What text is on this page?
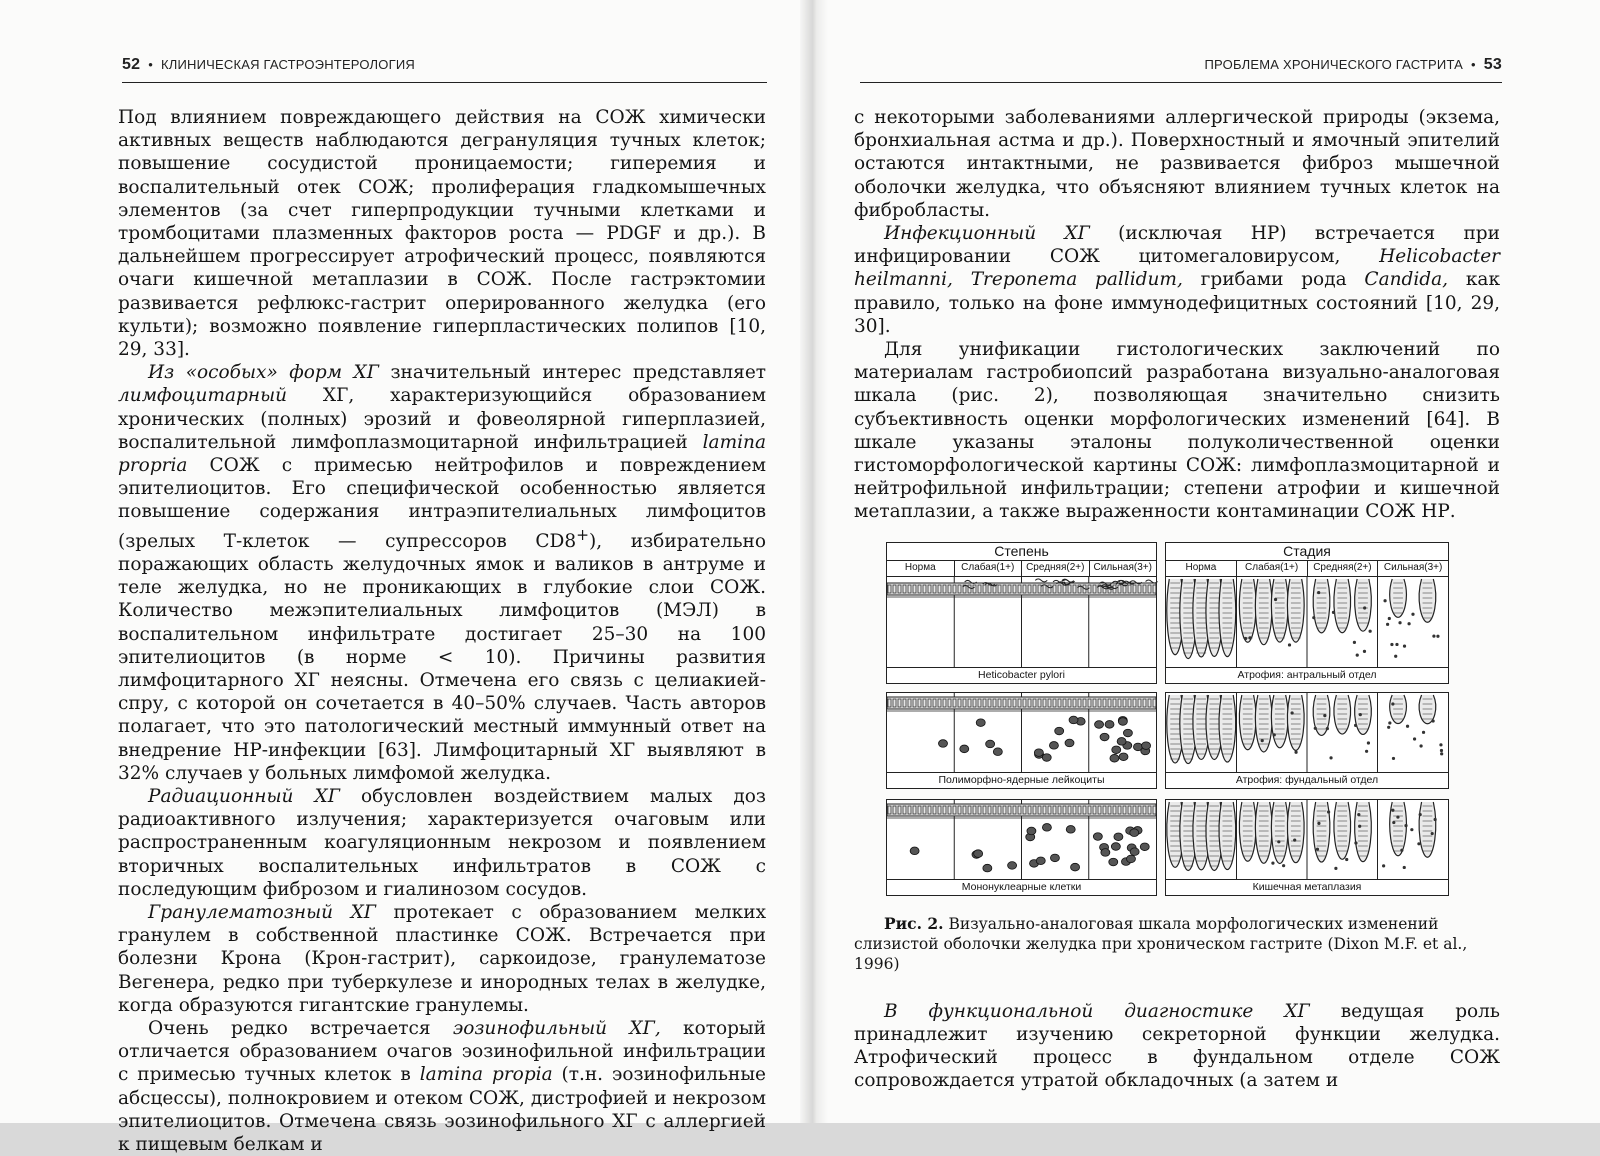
52 • КЛИНИЧЕСКАЯ ГАСТРОЭНТЕРОЛОГИЯ

Под влиянием повреждающего действия на СОЖ химически активных веществ наблюдаются дегрануляция тучных клеток; повышение сосудистой проницаемости; гиперемия и воспалительный отек СОЖ; пролиферация гладкомышечных элементов (за счет гиперпродукции тучными клетками и тромбоцитами плазменных факторов роста — PDGF и др.). В дальнейшем прогрессирует атрофический процесс, появляются очаги кишечной метаплазии в СОЖ. После гастрэктомии развивается рефлюкс-гастрит оперированного желудка (его культи); возможно появление гиперпластических полипов [10, 29, 33].

Из «особых» форм ХГ значительный интерес представляет лимфоцитарный ХГ, характеризующийся образованием хронических (полных) эрозий и фовеолярной гиперплазией, воспалительной лимфоплазмоцитарной инфильтрацией lamina propria СОЖ с примесью нейтрофилов и повреждением эпителиоцитов. Его специфической особенностью является повышение содержания интраэпителиальных лимфоцитов (зрелых Т-клеток — супрессоров CD8+), избирательно поражающих область желудочных ямок и валиков в антруме и теле желудка, но не проникающих в глубокие слои СОЖ. Количество межэпителиальных лимфоцитов (МЭЛ) в воспалительном инфильтрате достигает 25–30 на 100 эпителиоцитов (в норме < 10). Причины развития лимфоцитарного ХГ неясны. Отмечена его связь с целиакией-спру, с которой он сочетается в 40–50% случаев. Часть авторов полагает, что это патологический местный иммунный ответ на внедрение НР-инфекции [63]. Лимфоцитарный ХГ выявляют в 32% случаев у больных лимфомой желудка.

Радиационный ХГ обусловлен воздействием малых доз радиоактивного излучения; характеризуется очаговым или распространенным коагуляционным некрозом и появлением вторичных воспалительных инфильтратов в СОЖ с последующим фиброзом и гиалинозом сосудов.

Гранулематозный ХГ протекает с образованием мелких гранулем в собственной пластинке СОЖ. Встречается при болезни Крона (Крон-гастрит), саркоидозе, гранулематозе Вегенера, редко при туберкулезе и инородных телах в желудке, когда образуются гигантские гранулемы.

Очень редко встречается эозинофильный ХГ, который отличается образованием очагов эозинофильной инфильтрации с примесью тучных клеток в lamina propia (т.н. эозинофильные абсцессы), полнокровием и отеком СОЖ, дистрофией и некрозом эпителиоцитов. Отмечена связь эозинофильного ХГ с аллергией к пищевым белкам и

ПРОБЛЕМА ХРОНИЧЕСКОГО ГАСТРИТА • 53

с некоторыми заболеваниями аллергической природы (экзема, бронхиальная астма и др.). Поверхностный и ямочный эпителий остаются интактными, не развивается фиброз мышечной оболочки желудка, что объясняют влиянием тучных клеток на фибробласты.

Инфекционный ХГ (исключая НР) встречается при инфицировании СОЖ цитомегаловирусом, Helicobacter heilmanni, Treponema pallidum, грибами рода Candida, как правило, только на фоне иммунодефицитных состояний [10, 29, 30].

Для унификации гистологических заключений по материалам гастробиопсий разработана визуально-аналоговая шкала (рис. 2), позволяющая значительно снизить субъективность оценки морфологических изменений [64]. В шкале указаны эталоны полуколичественной оценки гистоморфологической картины СОЖ: лимфоплазмоцитарной и нейтрофильной инфильтрации; степени атрофии и кишечной метаплазии, а также выраженности контаминации СОЖ НР.

Степень
Норма	Слабая(1+)	Средняя(2+) Сильная(3+)
Heticobacter pylori
Стадия
Норма	Слабая(1+)	Средняя(2+)	Сильная(3+)
Атрофия: антральный отдел
Полиморфно-ядерные лейкоциты	Атрофия: фундальный отдел
Мононуклеарные клетки	Кишечная метаплазия

Рис. 2. Визуально-аналоговая шкала морфологических изменений слизистой оболочки желудка при хроническом гастрите (Dixon M.F. et al., 1996)

В функциональной диагностике ХГ ведущая роль принадлежит изучению секреторной функции желудка. Атрофический процесс в фундальном отделе СОЖ сопровождается утратой обкладочных (а затем и
